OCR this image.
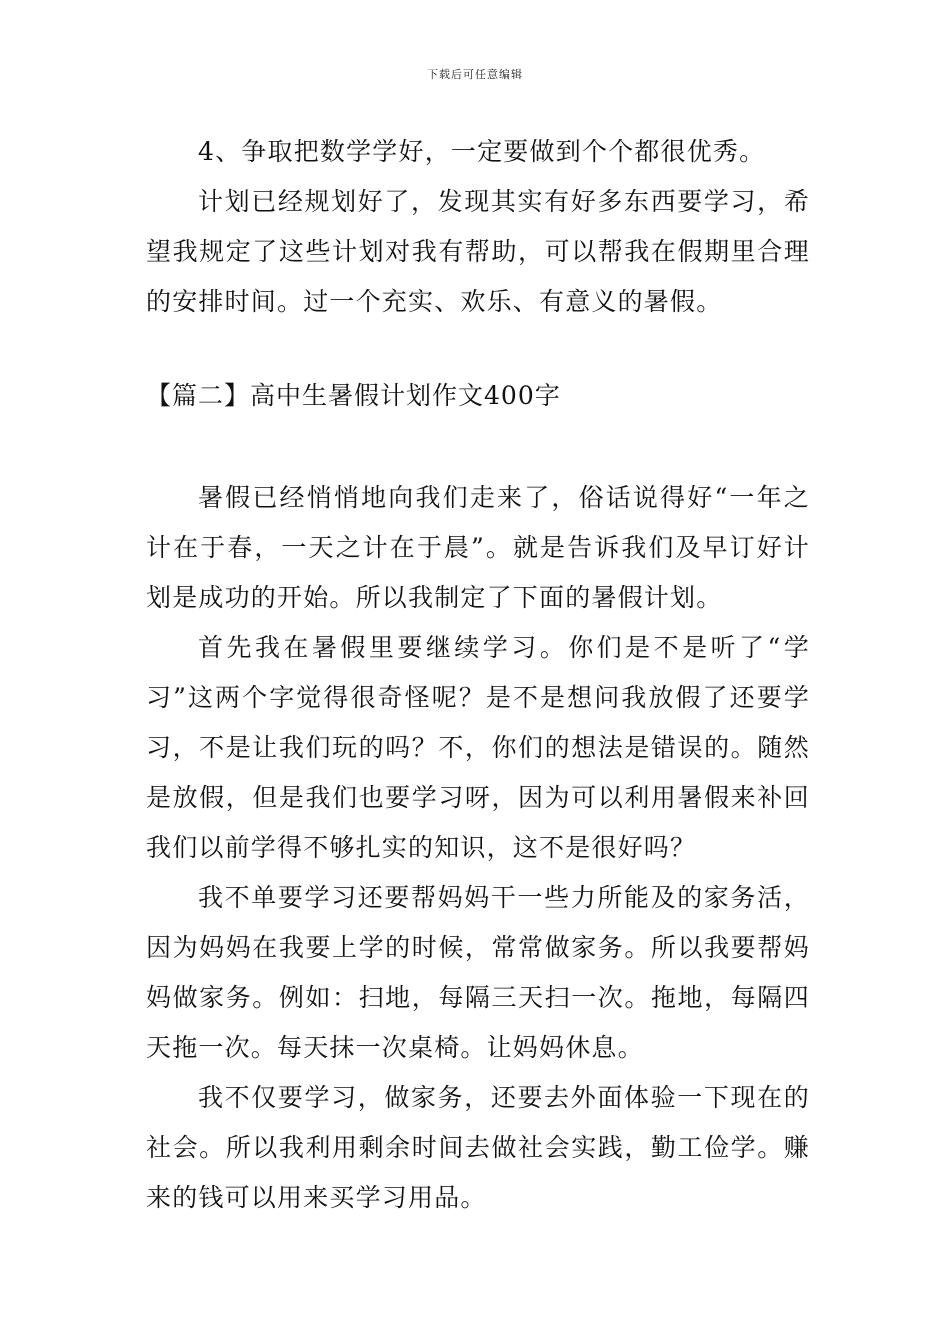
下载后可任意编辑

4、争取把数学学好，一定要做到个个都很优秀。

计划已经规划好了，发现其实有好多东西要学习，希望我规定了这些计划对我有帮助，可以帮我在假期里合理的安排时间。过一个充实、欢乐、有意义的暑假。

【篇二】高中生暑假计划作文400字

暑假已经悄悄地向我们走来了，俗话说得好“一年之计在于春，一天之计在于晨”。就是告诉我们及早订好计划是成功的开始。所以我制定了下面的暑假计划。

首先我在暑假里要继续学习。你们是不是听了“学习”这两个字觉得很奇怪呢？是不是想问我放假了还要学习，不是让我们玩的吗？不，你们的想法是错误的。随然是放假，但是我们也要学习呀，因为可以利用暑假来补回我们以前学得不够扎实的知识，这不是很好吗？

我不单要学习还要帮妈妈干一些力所能及的家务活，因为妈妈在我要上学的时候，常常做家务。所以我要帮妈妈做家务。例如：扫地，每隔三天扫一次。拖地，每隔四天拖一次。每天抹一次桌椅。让妈妈休息。

我不仅要学习，做家务，还要去外面体验一下现在的社会。所以我利用剩余时间去做社会实践，勤工俭学。赚来的钱可以用来买学习用品。
